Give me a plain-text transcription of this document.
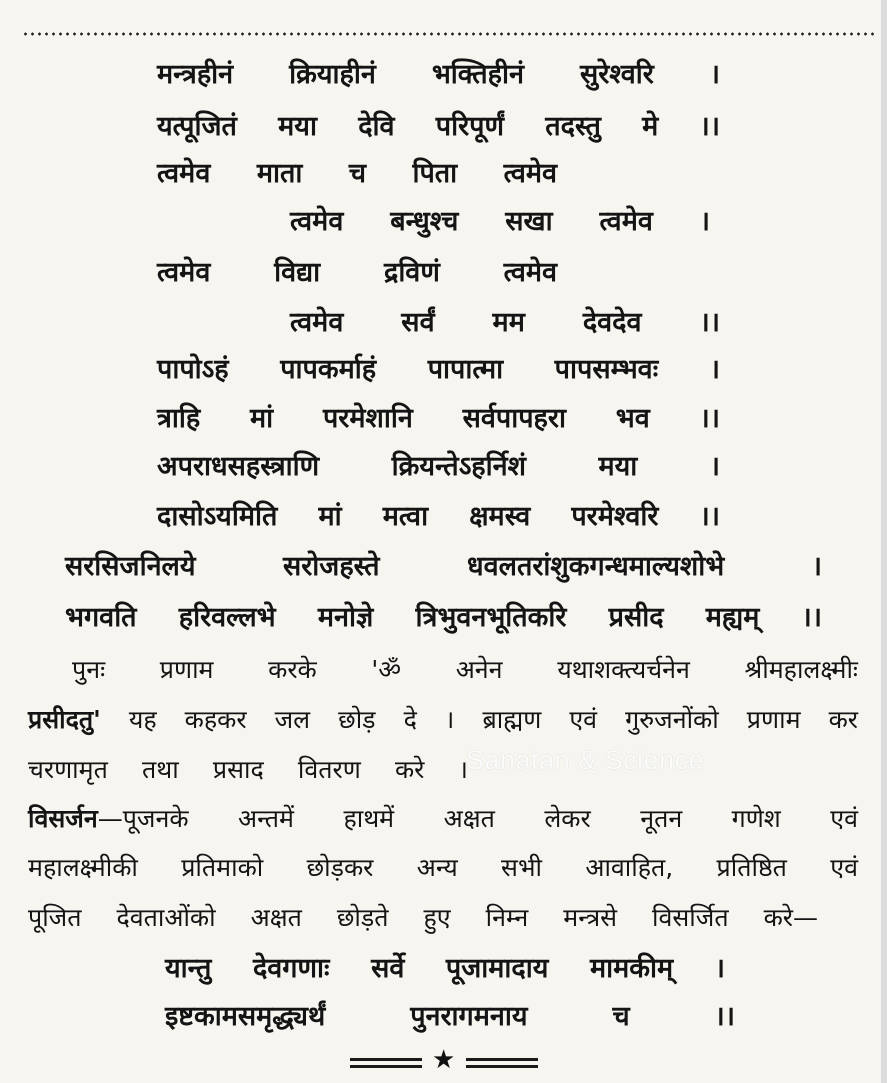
मन्त्रहीनं क्रियाहीनं भक्तिहीनं सुरेश्वरि ।
यत्पूजितं मया देवि परिपूर्णं तदस्तु मे ।।
त्वमेव माता च पिता त्वमेव
त्वमेव बन्धुश्च सखा त्वमेव ।
त्वमेव विद्या द्रविणं त्वमेव
त्वमेव सर्वं मम देवदेव ।।
पापोऽहं पापकर्माहं पापात्मा पापसम्भवः ।
त्राहि मां परमेशानि सर्वपापहरा भव ।।
अपराधसहस्त्राणि क्रियन्तेऽहर्निशं मया ।
दासोऽयमिति मां मत्वा क्षमस्व परमेश्वरि ।।
सरसिजनिलये सरोजहस्ते धवलतरांशुकगन्धमाल्यशोभे ।
भगवति हरिवल्लभे मनोज्ञे त्रिभुवनभूतिकरि प्रसीद मह्यम् ।।
पुनः प्रणाम करके 'ॐ अनेन यथाशक्त्यर्चनेन श्रीमहालक्ष्मीः
प्रसीदतु' यह कहकर जल छोड़ दे । ब्राह्मण एवं गुरुजनोंको प्रणाम कर
चरणामृत तथा प्रसाद वितरण करे ।
विसर्जन—पूजनके अन्तमें हाथमें अक्षत लेकर नूतन गणेश एवं
महालक्ष्मीकी प्रतिमाको छोड़कर अन्य सभी आवाहित, प्रतिष्ठित एवं
पूजित देवताओंको अक्षत छोड़ते हुए निम्न मन्त्रसे विसर्जित करे—
यान्तु देवगणाः सर्वे पूजामादाय मामकीम् ।
इष्टकामसमृद्ध्यर्थं पुनरागमनाय च ।।
Sanatan & Science
★
